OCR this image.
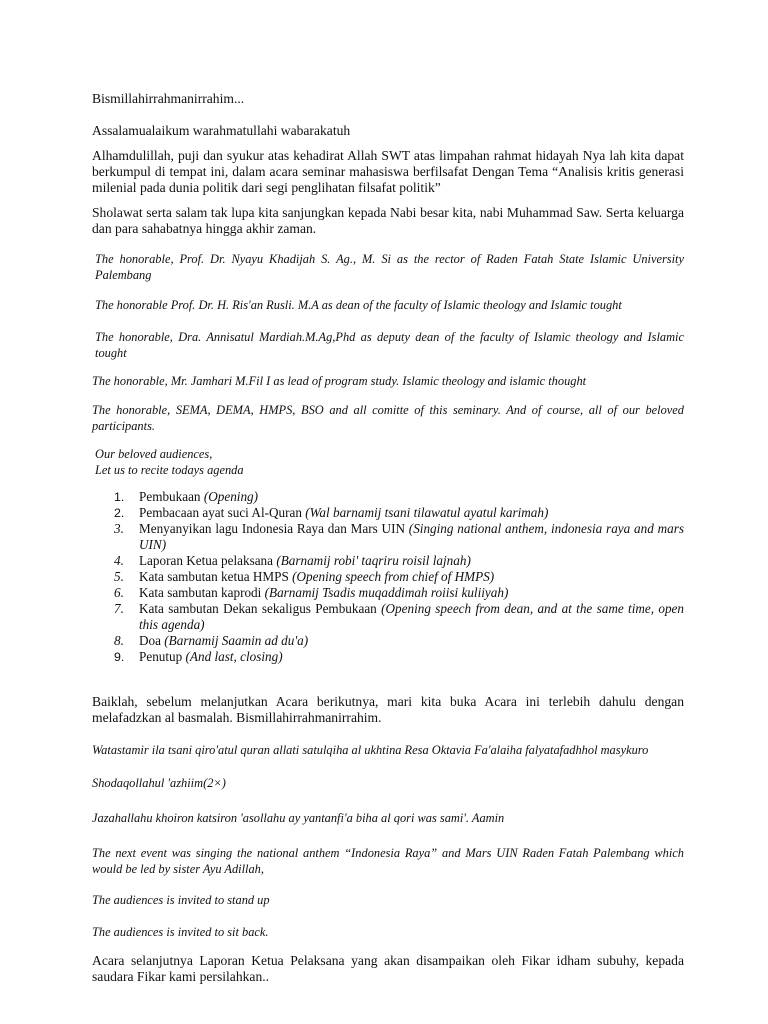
Bismillahirrahmanirrahim...

Assalamualaikum warahmatullahi wabarakatuh

Alhamdulillah, puji dan syukur atas kehadirat Allah SWT atas limpahan rahmat hidayah Nya lah kita dapat berkumpul di tempat ini, dalam acara seminar mahasiswa berfilsafat Dengan Tema “Analisis kritis generasi milenial pada dunia politik dari segi penglihatan filsafat politik”

Sholawat serta salam tak lupa kita sanjungkan kepada Nabi besar kita, nabi Muhammad Saw. Serta keluarga dan para sahabatnya hingga akhir zaman.

The honorable, Prof. Dr. Nyayu Khadijah S. Ag., M. Si as the rector of Raden Fatah State Islamic University Palembang

The honorable Prof. Dr. H. Ris'an Rusli. M.A as dean of the faculty of Islamic theology and Islamic tought

The honorable, Dra. Annisatul Mardiah.M.Ag,Phd as deputy dean of the faculty of Islamic theology and Islamic tought

The honorable, Mr. Jamhari M.Fil I as lead of program study. Islamic theology and islamic thought

The honorable, SEMA, DEMA, HMPS, BSO and all comitte of this seminary. And of course, all of our beloved participants.

Our beloved audiences,

Let us to recite todays agenda

1. Pembukaan (Opening)
2. Pembacaan ayat suci Al-Quran (Wal barnamij tsani tilawatul ayatul karimah)
3. Menyanyikan lagu Indonesia Raya dan Mars UIN (Singing national anthem, indonesia raya and mars UIN)
4. Laporan Ketua pelaksana (Barnamij robi' taqriru roisil lajnah)
5. Kata sambutan ketua HMPS (Opening speech from chief of HMPS)
6. Kata sambutan kaprodi (Barnamij Tsadis muqaddimah roiisi kuliiyah)
7. Kata sambutan Dekan sekaligus Pembukaan (Opening speech from dean, and at the same time, open this agenda)
8. Doa (Barnamij Saamin ad du'a)
9. Penutup (And last, closing)

Baiklah, sebelum melanjutkan Acara berikutnya, mari kita buka Acara ini terlebih dahulu dengan melafadzkan al basmalah. Bismillahirrahmanirrahim.

Watastamir ila tsani qiro'atul quran allati satulqiha al ukhtina Resa Oktavia Fa'alaiha falyatafadhhol masykuro

Shodaqollahul 'azhiim(2×)

Jazahallahu khoiron katsiron 'asollahu ay yantanfi'a biha al qori was sami'. Aamin

The next event was singing the national anthem “Indonesia Raya” and Mars UIN Raden Fatah Palembang which would be led by sister Ayu Adillah,

The audiences is invited to stand up

The audiences is invited to sit back.

Acara selanjutnya Laporan Ketua Pelaksana yang akan disampaikan oleh Fikar idham subuhy, kepada saudara Fikar kami persilahkan..
